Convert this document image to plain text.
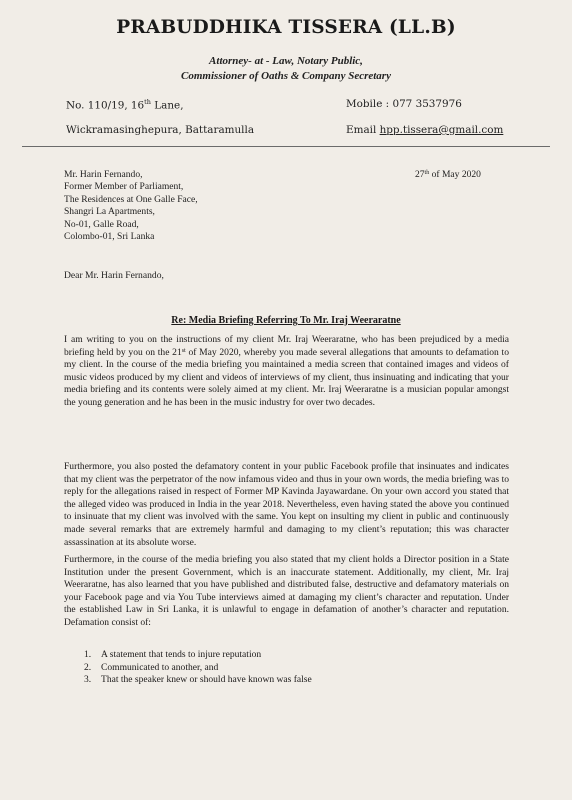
PRABUDDHIKA TISSERA (LL.B)
Attorney- at - Law, Notary Public,
Commissioner of Oaths & Company Secretary
No. 110/19, 16th Lane,
Wickramasinghepura, Battaramulla
Mobile : 077 3537976
Email hpp.tissera@gmail.com
Mr. Harin Fernando,
Former Member of Parliament,
The Residences at One Galle Face,
Shangri La Apartments,
No-01, Galle Road,
Colombo-01, Sri Lanka
27th of May 2020
Dear Mr. Harin Fernando,
Re: Media Briefing Referring To Mr. Iraj Weeraratne
I am writing to you on the instructions of my client Mr. Iraj Weeraratne, who has been prejudiced by a media briefing held by you on the 21st of May 2020, whereby you made several allegations that amounts to defamation to my client. In the course of the media briefing you maintained a media screen that contained images and videos of music videos produced by my client and videos of interviews of my client, thus insinuating and indicating that your media briefing and its contents were solely aimed at my client. Mr. Iraj Weeraratne is a musician popular amongst the young generation and he has been in the music industry for over two decades.
Furthermore, you also posted the defamatory content in your public Facebook profile that insinuates and indicates that my client was the perpetrator of the now infamous video and thus in your own words, the media briefing was to reply for the allegations raised in respect of Former MP Kavinda Jayawardane. On your own accord you stated that the alleged video was produced in India in the year 2018. Nevertheless, even having stated the above you continued to insinuate that my client was involved with the same. You kept on insulting my client in public and continuously made several remarks that are extremely harmful and damaging to my client’s reputation; this was character assassination at its absolute worse.
Furthermore, in the course of the media briefing you also stated that my client holds a Director position in a State Institution under the present Government, which is an inaccurate statement. Additionally, my client, Mr. Iraj Weeraratne, has also learned that you have published and distributed false, destructive and defamatory materials on your Facebook page and via You Tube interviews aimed at damaging my client’s character and reputation. Under the established Law in Sri Lanka, it is unlawful to engage in defamation of another’s character and reputation. Defamation consist of:
1.	A statement that tends to injure reputation
2.	Communicated to another, and
3.	That the speaker knew or should have known was false
